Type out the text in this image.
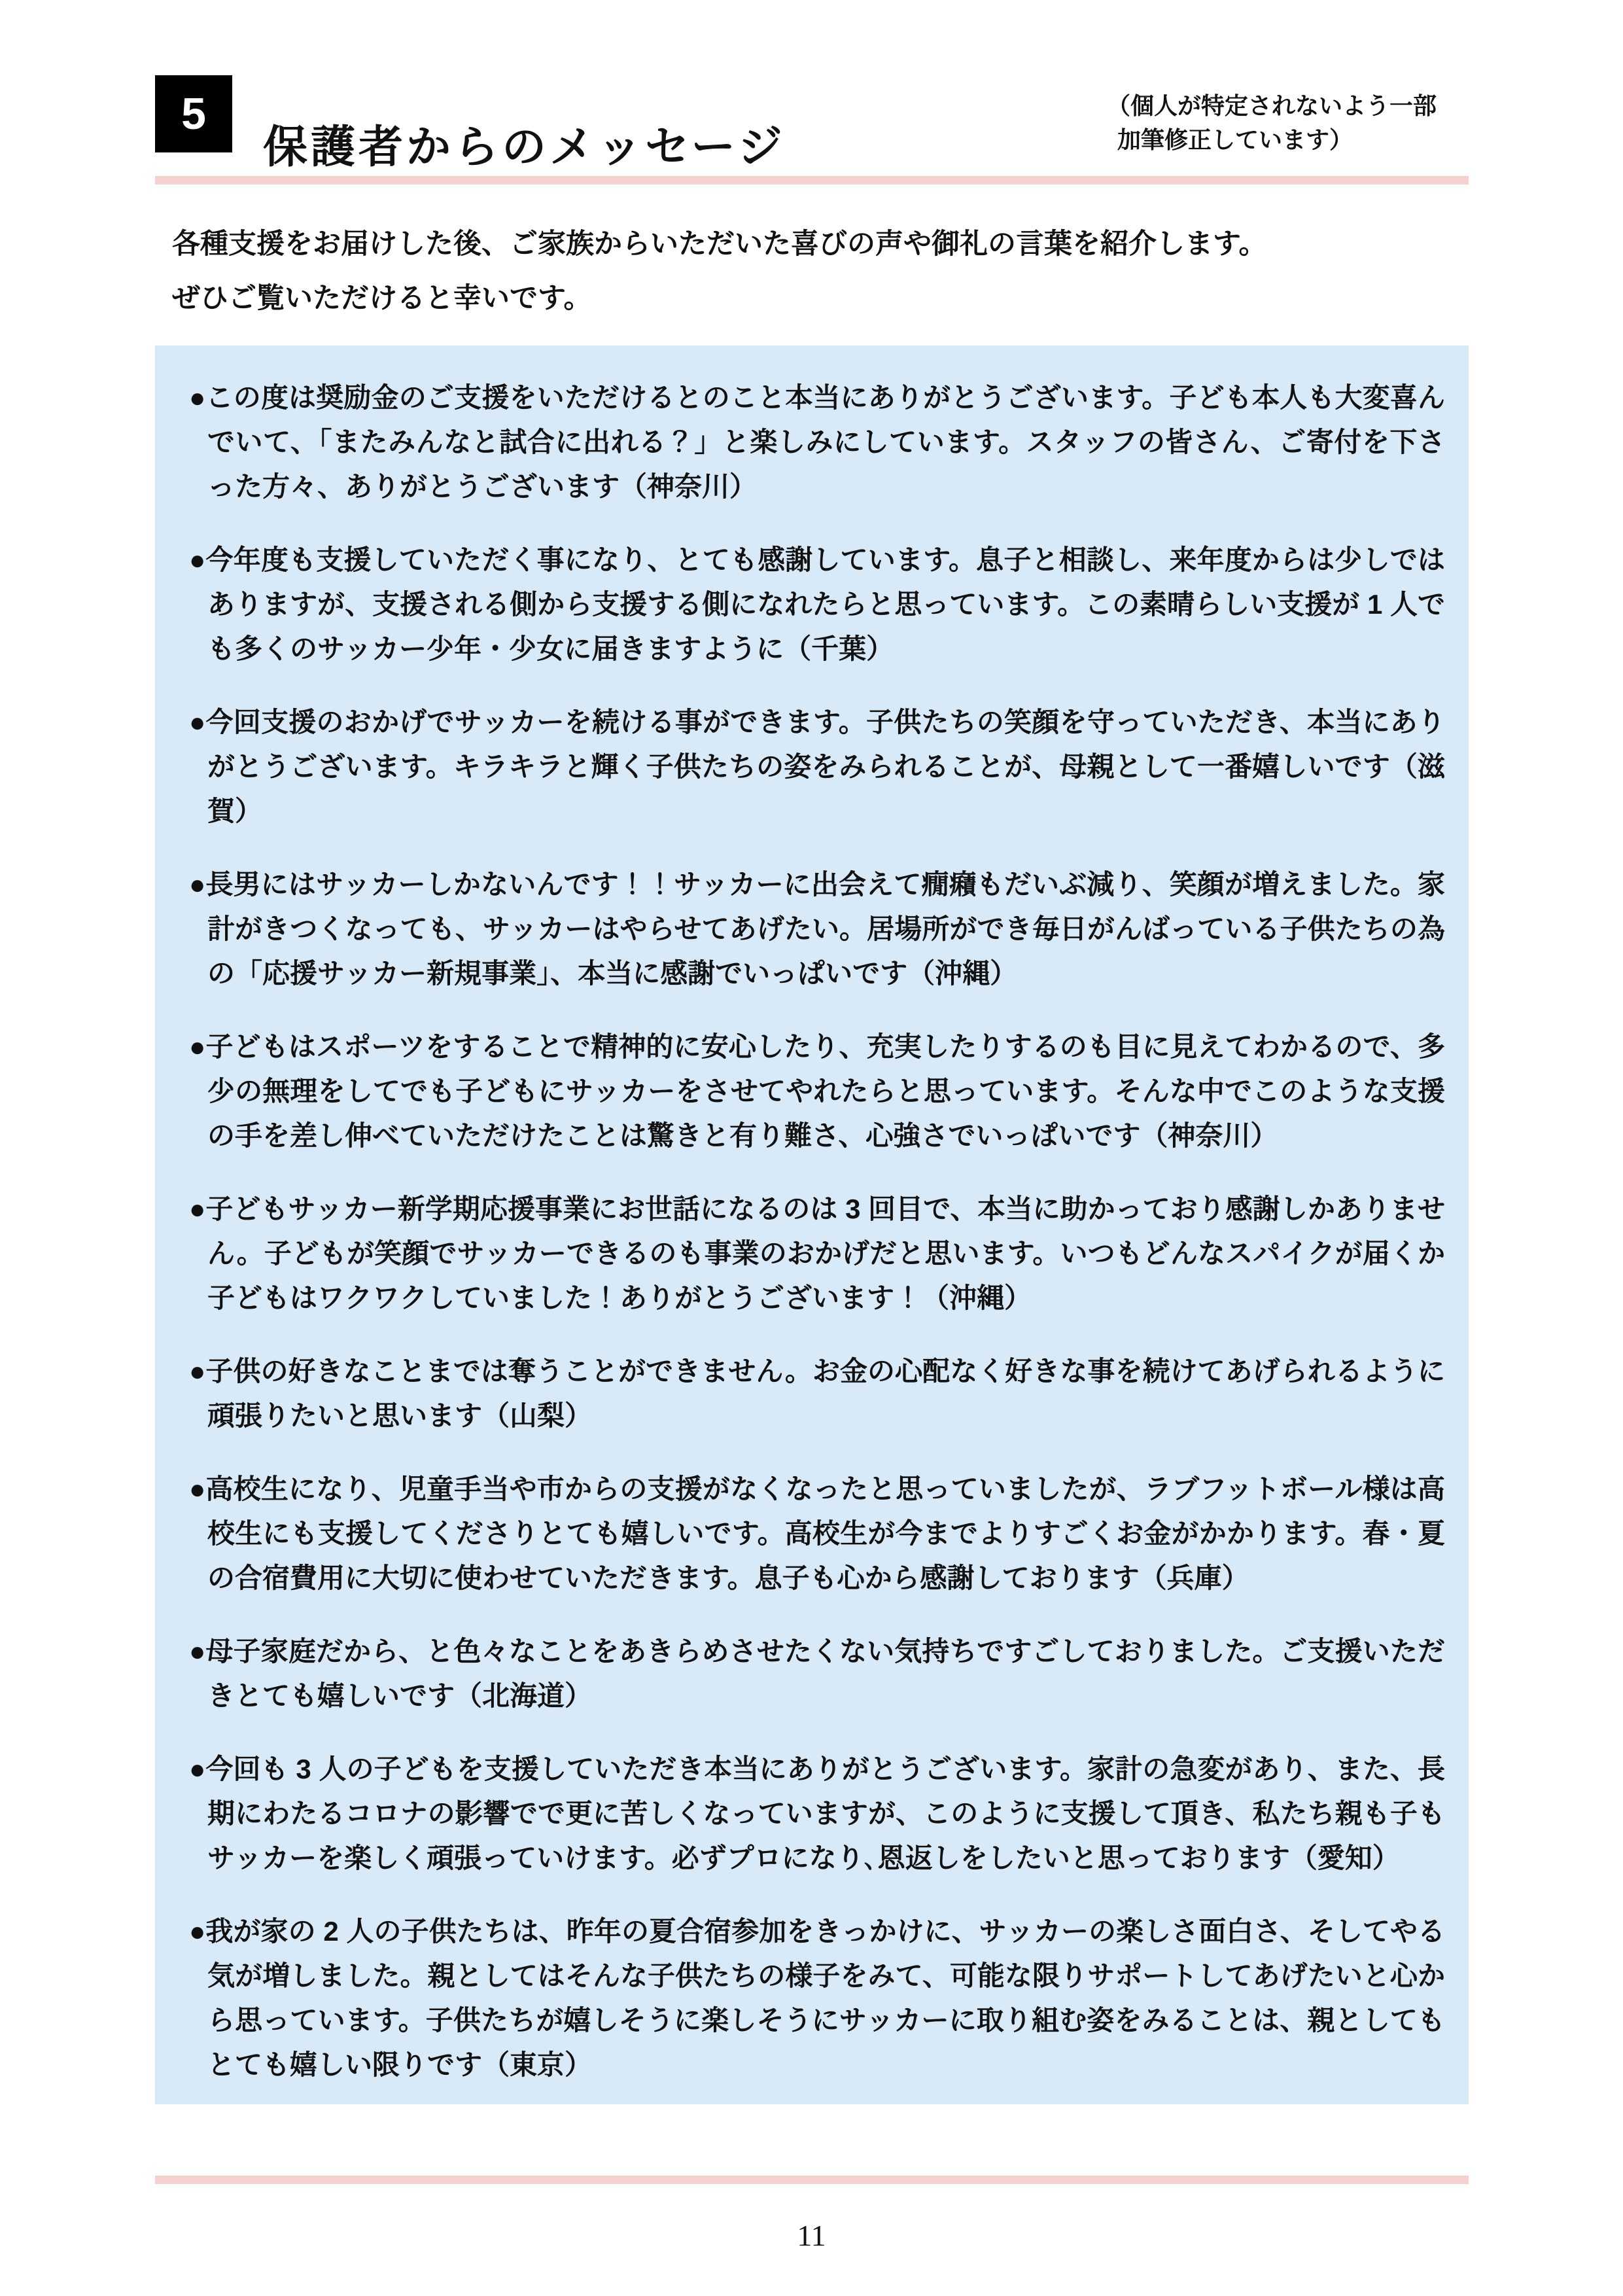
5
保護者からのメッセージ
（個人が特定されないよう一部
加筆修正しています）
各種支援をお届けした後、ご家族からいただいた喜びの声や御礼の言葉を紹介します。
ぜひご覧いただけると幸いです。

●この度は奨励金のご支援をいただけるとのこと本当にありがとうございます。子ども本人も大変喜んでいて、「またみんなと試合に出れる？」と楽しみにしています。スタッフの皆さん、ご寄付を下さった方々、ありがとうございます（神奈川）

●今年度も支援していただく事になり、とても感謝しています。息子と相談し、来年度からは少しではありますが、支援される側から支援する側になれたらと思っています。この素晴らしい支援が 1 人でも多くのサッカー少年・少女に届きますように（千葉）

●今回支援のおかげでサッカーを続ける事ができます。子供たちの笑顔を守っていただき、本当にありがとうございます。キラキラと輝く子供たちの姿をみられることが、母親として一番嬉しいです（滋賀）

●長男にはサッカーしかないんです！！サッカーに出会えて癇癪もだいぶ減り、笑顔が増えました。家計がきつくなっても、サッカーはやらせてあげたい。居場所ができ毎日がんばっている子供たちの為の「応援サッカー新規事業」、本当に感謝でいっぱいです（沖縄）

●子どもはスポーツをすることで精神的に安心したり、充実したりするのも目に見えてわかるので、多少の無理をしてでも子どもにサッカーをさせてやれたらと思っています。そんな中でこのような支援の手を差し伸べていただけたことは驚きと有り難さ、心強さでいっぱいです（神奈川）

●子どもサッカー新学期応援事業にお世話になるのは 3 回目で、本当に助かっており感謝しかありません。子どもが笑顔でサッカーできるのも事業のおかげだと思います。いつもどんなスパイクが届くか子どもはワクワクしていました！ありがとうございます！（沖縄）

●子供の好きなことまでは奪うことができません。お金の心配なく好きな事を続けてあげられるように頑張りたいと思います（山梨）

●高校生になり、児童手当や市からの支援がなくなったと思っていましたが、ラブフットボール様は高校生にも支援してくださりとても嬉しいです。高校生が今までよりすごくお金がかかります。春・夏の合宿費用に大切に使わせていただきます。息子も心から感謝しております（兵庫）

●母子家庭だから、と色々なことをあきらめさせたくない気持ちですごしておりました。ご支援いただきとても嬉しいです（北海道）

●今回も 3 人の子どもを支援していただき本当にありがとうございます。家計の急変があり、また、長期にわたるコロナの影響でで更に苦しくなっていますが、このように支援して頂き、私たち親も子もサッカーを楽しく頑張っていけます。必ずプロになり､恩返しをしたいと思っております（愛知）

●我が家の 2 人の子供たちは、昨年の夏合宿参加をきっかけに、サッカーの楽しさ面白さ、そしてやる気が増しました。親としてはそんな子供たちの様子をみて、可能な限りサポートしてあげたいと心から思っています。子供たちが嬉しそうに楽しそうにサッカーに取り組む姿をみることは、親としてもとても嬉しい限りです（東京）

11
